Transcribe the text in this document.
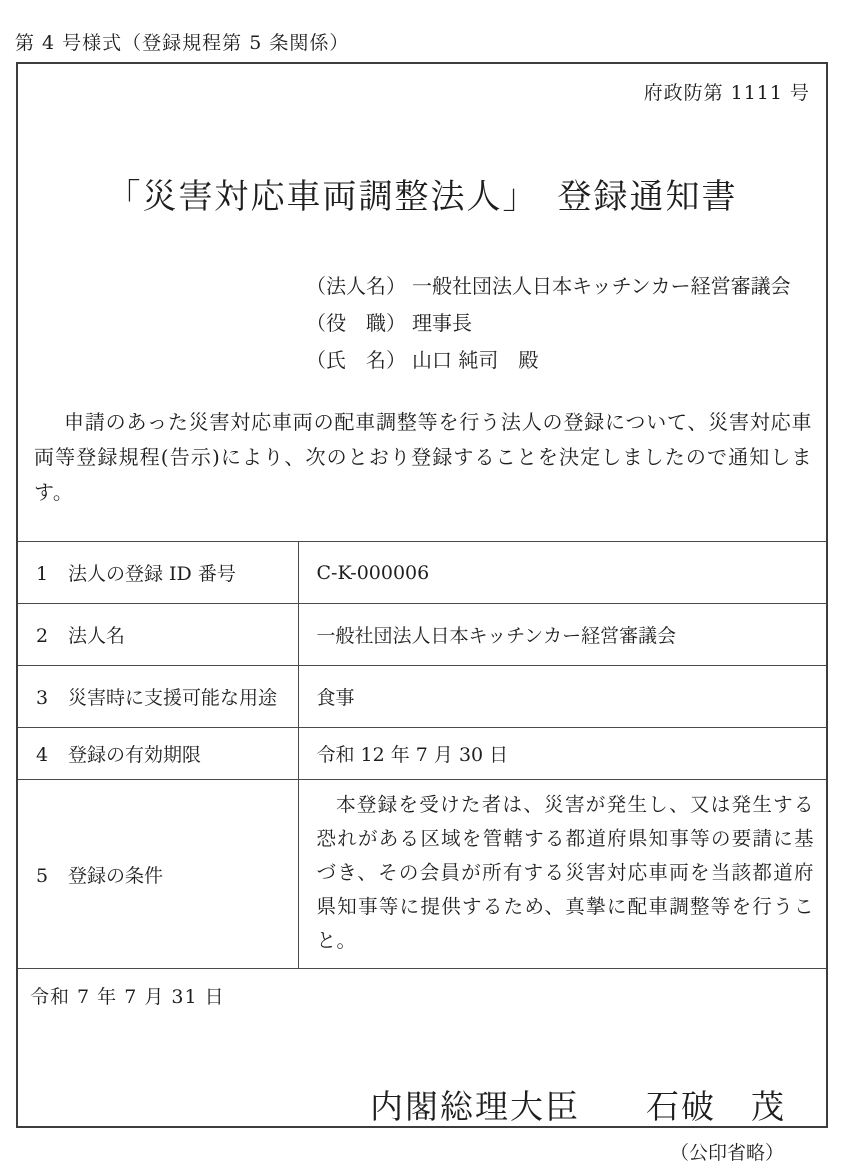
第 4 号様式（登録規程第 5 条関係）
府政防第 1111 号
「災害対応車両調整法人」　登録通知書
（法人名） 一般社団法人日本キッチンカー経営審議会
（役　職） 理事長
（氏　名） 山口 純司　殿
申請のあった災害対応車両の配車調整等を行う法人の登録について、災害対応車両等登録規程(告示)により、次のとおり登録することを決定しましたので通知します。
1 法人の登録 ID 番号	C-K-000006
2 法人名	一般社団法人日本キッチンカー経営審議会
3 災害時に支援可能な用途	食事
4 登録の有効期限	令和 12 年 7 月 30 日
5 登録の条件	本登録を受けた者は、災害が発生し、又は発生する恐れがある区域を管轄する都道府県知事等の要請に基づき、その会員が所有する災害対応車両を当該都道府県知事等に提供するため、真摯に配車調整等を行うこと。
令和 7 年 7 月 31 日
内閣総理大臣 石破　茂
（公印省略）
